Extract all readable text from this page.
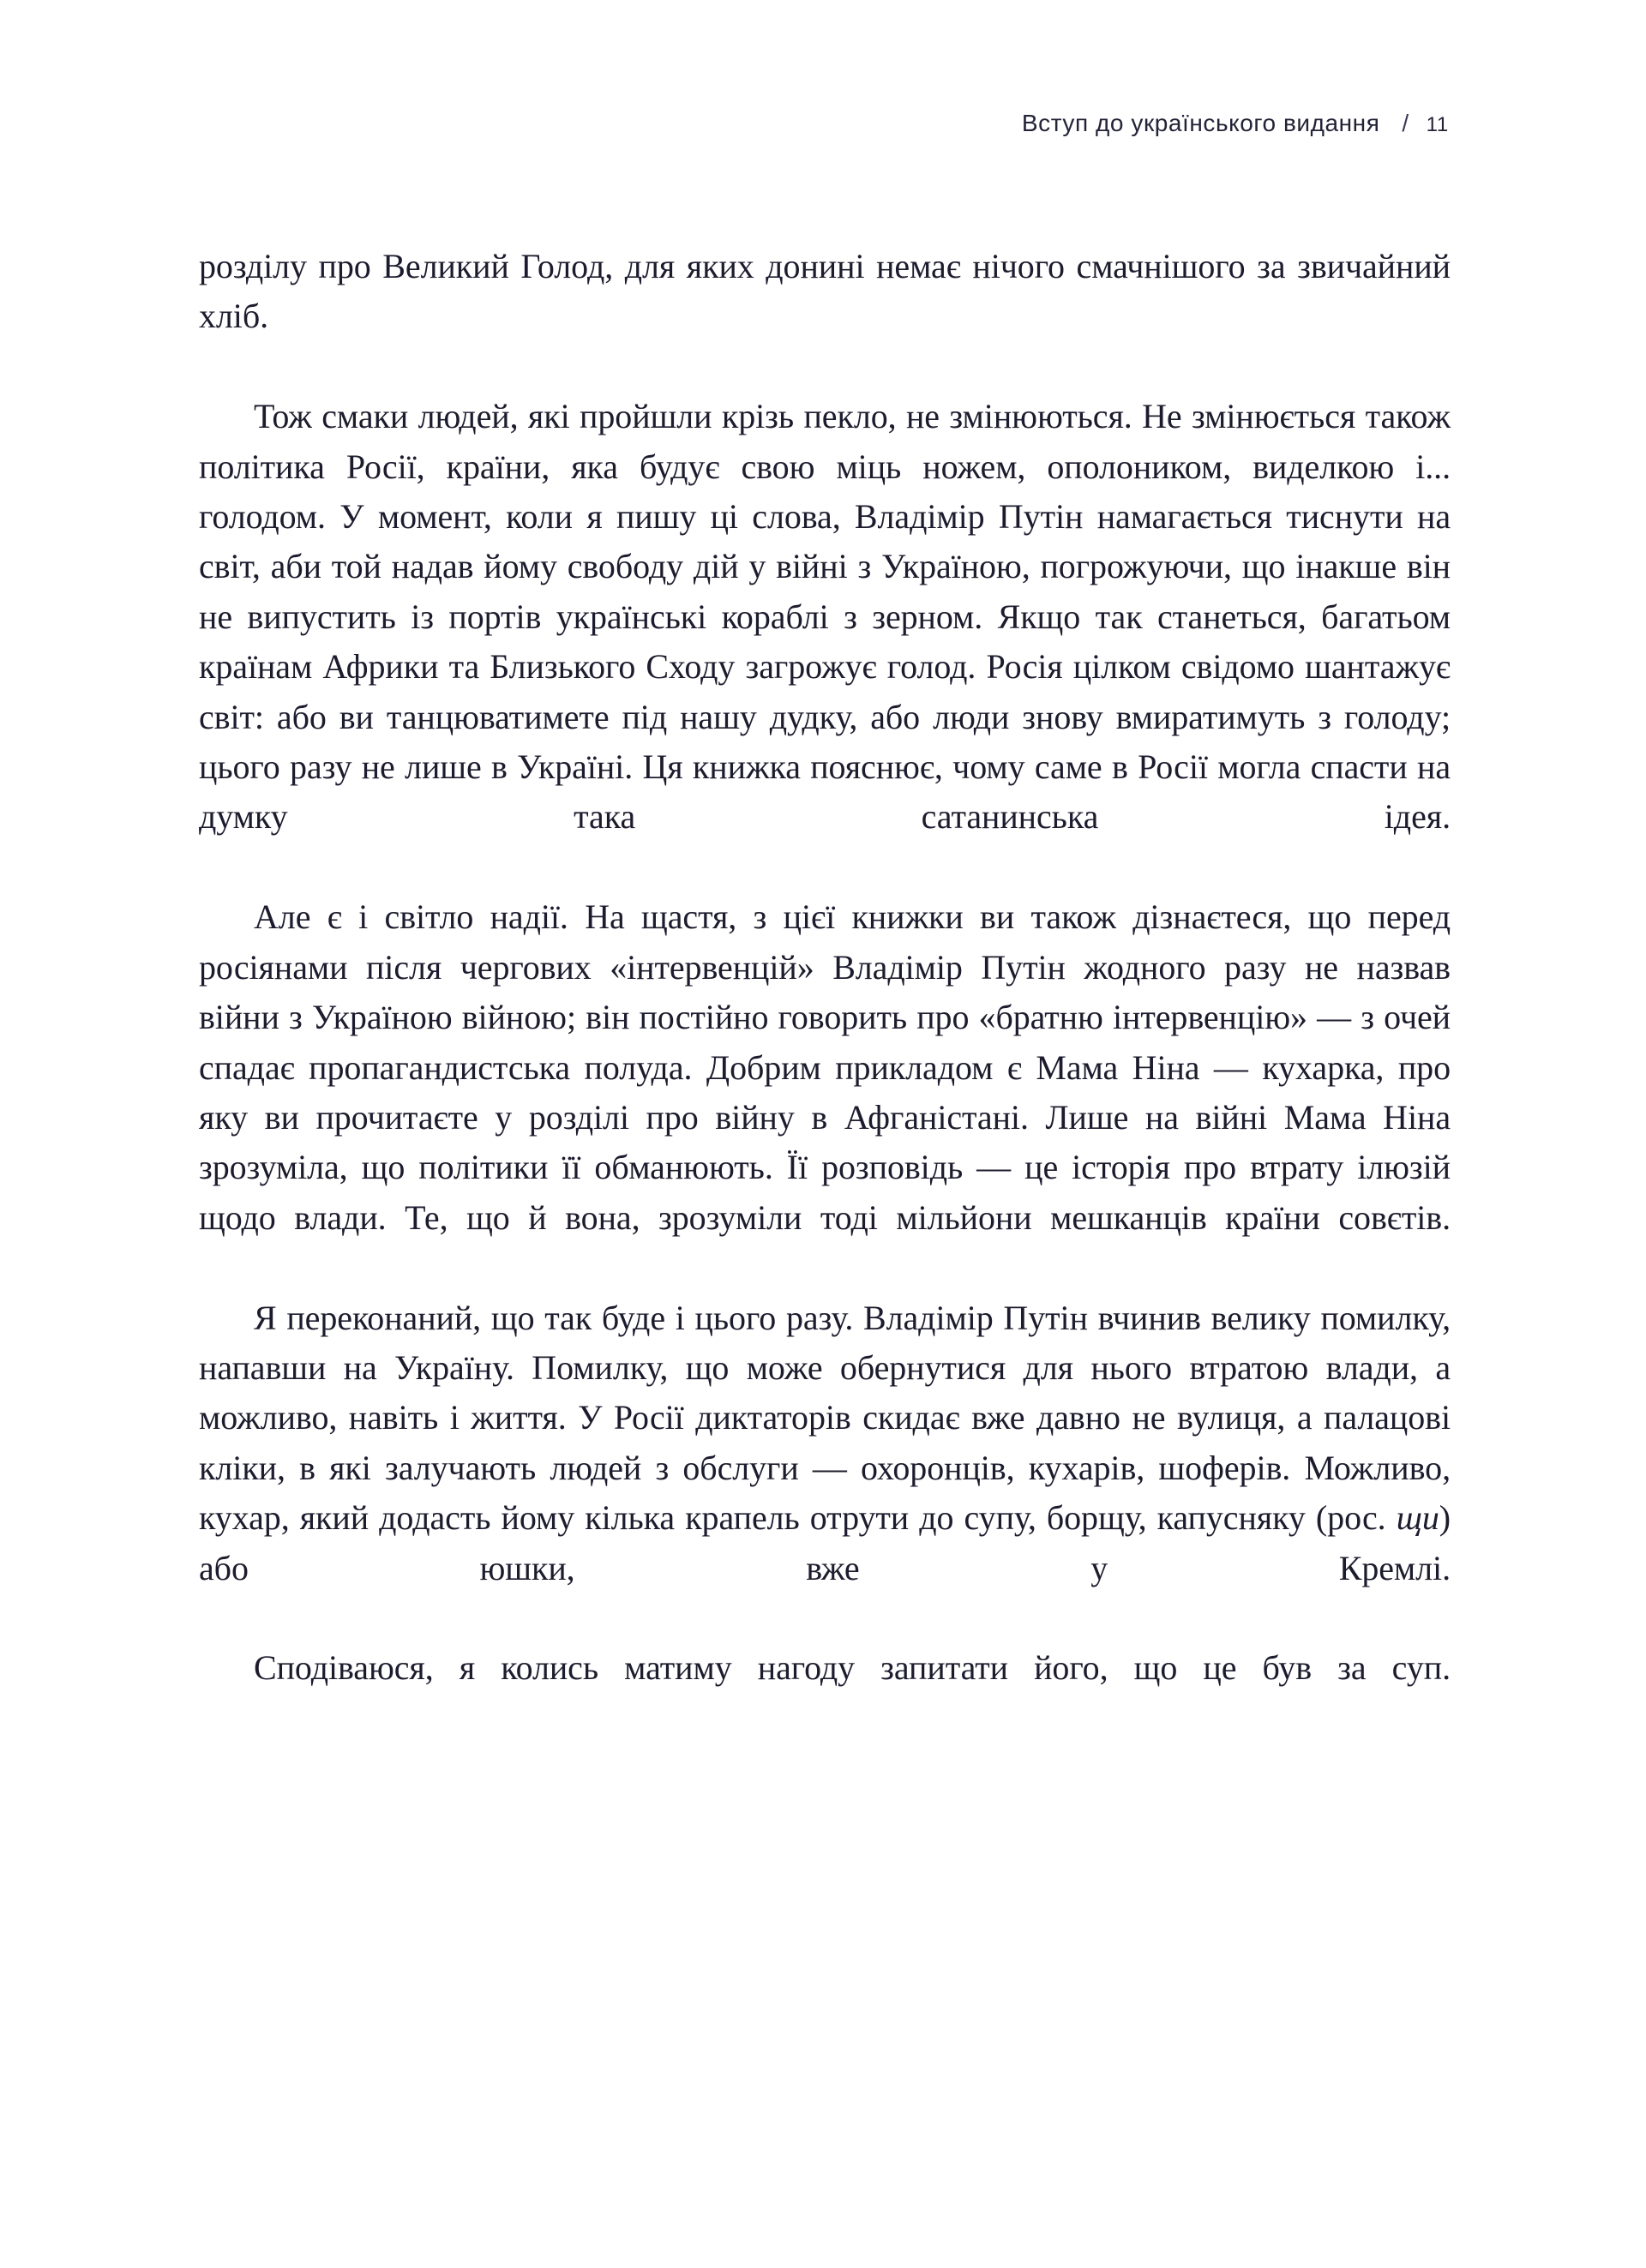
Вступ до українського видання / 11

розділу про Великий Голод, для яких донині немає нічого смачнішого за звичайний хліб.

Тож смаки людей, які пройшли крізь пекло, не змінюються. Не змінюється також політика Росії, країни, яка будує свою міць ножем, ополоником, виделкою і... голодом. У момент, коли я пишу ці слова, Владімір Путін намагається тиснути на світ, аби той надав йому свободу дій у війні з Україною, погрожуючи, що інакше він не випустить із портів українські кораблі з зерном. Якщо так станеться, багатьом країнам Африки та Близького Сходу загрожує голод. Росія цілком свідомо шантажує світ: або ви танцюватимете під нашу дудку, або люди знову вмиратимуть з голоду; цього разу не лише в Україні. Ця книжка пояснює, чому саме в Росії могла спасти на думку така сатанинська ідея.

Але є і світло надії. На щастя, з цієї книжки ви також дізнаєтеся, що перед росіянами після чергових «інтервенцій» Владімір Путін жодного разу не назвав війни з Україною війною; він постійно говорить про «братню інтервенцію» — з очей спадає пропагандистська полуда. Добрим прикладом є Мама Ніна — кухарка, про яку ви прочитаєте у розділі про війну в Афганістані. Лише на війні Мама Ніна зрозуміла, що політики її обманюють. Її розповідь — це історія про втрату ілюзій щодо влади. Те, що й вона, зрозуміли тоді мільйони мешканців країни совєтів.

Я переконаний, що так буде і цього разу. Владімір Путін вчинив велику помилку, напавши на Україну. Помилку, що може обернутися для нього втратою влади, а можливо, навіть і життя. У Росії диктаторів скидає вже давно не вулиця, а палацові кліки, в які залучають людей з обслуги — охоронців, кухарів, шоферів. Можливо, кухар, який додасть йому кілька крапель отрути до супу, борщу, капусняку (рос. щи) або юшки, вже у Кремлі.

Сподіваюся, я колись матиму нагоду запитати його, що це був за суп.
